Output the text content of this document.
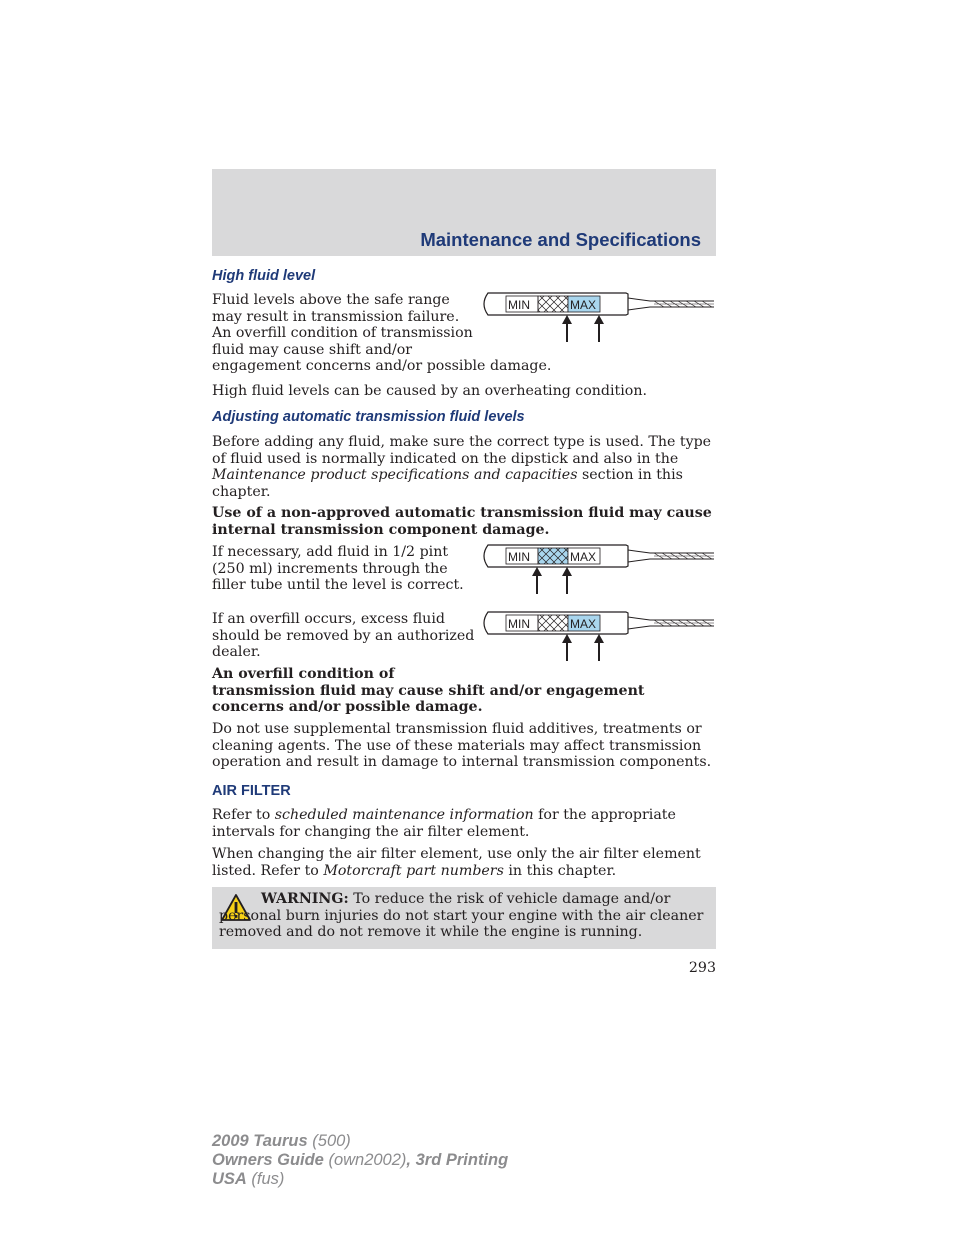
Maintenance and Specifications
High fluid level
Fluid levels above the safe range
may result in transmission failure.
An overfill condition of transmission
fluid may cause shift and/or
engagement concerns and/or possible damage.
High fluid levels can be caused by an overheating condition.
MIN	MAX
Adjusting automatic transmission fluid levels

Before adding any fluid, make sure the correct type is used. The type of fluid used is normally indicated on the dipstick and also in the Maintenance product specifications and capacities section in this chapter.

Use of a non-approved automatic transmission fluid may cause internal transmission component damage.

If necessary, add fluid in 1/2 pint
(250 ml) increments through the
filler tube until the level is correct.
MIN	MAX
If an overfill occurs, excess fluid
should be removed by an authorized
dealer.
MIN	MAX
An overfill condition of
transmission fluid may cause shift and/or engagement concerns and/or possible damage.

Do not use supplemental transmission fluid additives, treatments or cleaning agents. The use of these materials may affect transmission operation and result in damage to internal transmission components.

AIR FILTER

Refer to scheduled maintenance information for the appropriate intervals for changing the air filter element.

When changing the air filter element, use only the air filter element listed. Refer to Motorcraft part numbers in this chapter.

WARNING: To reduce the risk of vehicle damage and/or personal burn injuries do not start your engine with the air cleaner removed and do not remove it while the engine is running.
293
2009 Taurus (500)
Owners Guide (own2002), 3rd Printing
USA (fus)
